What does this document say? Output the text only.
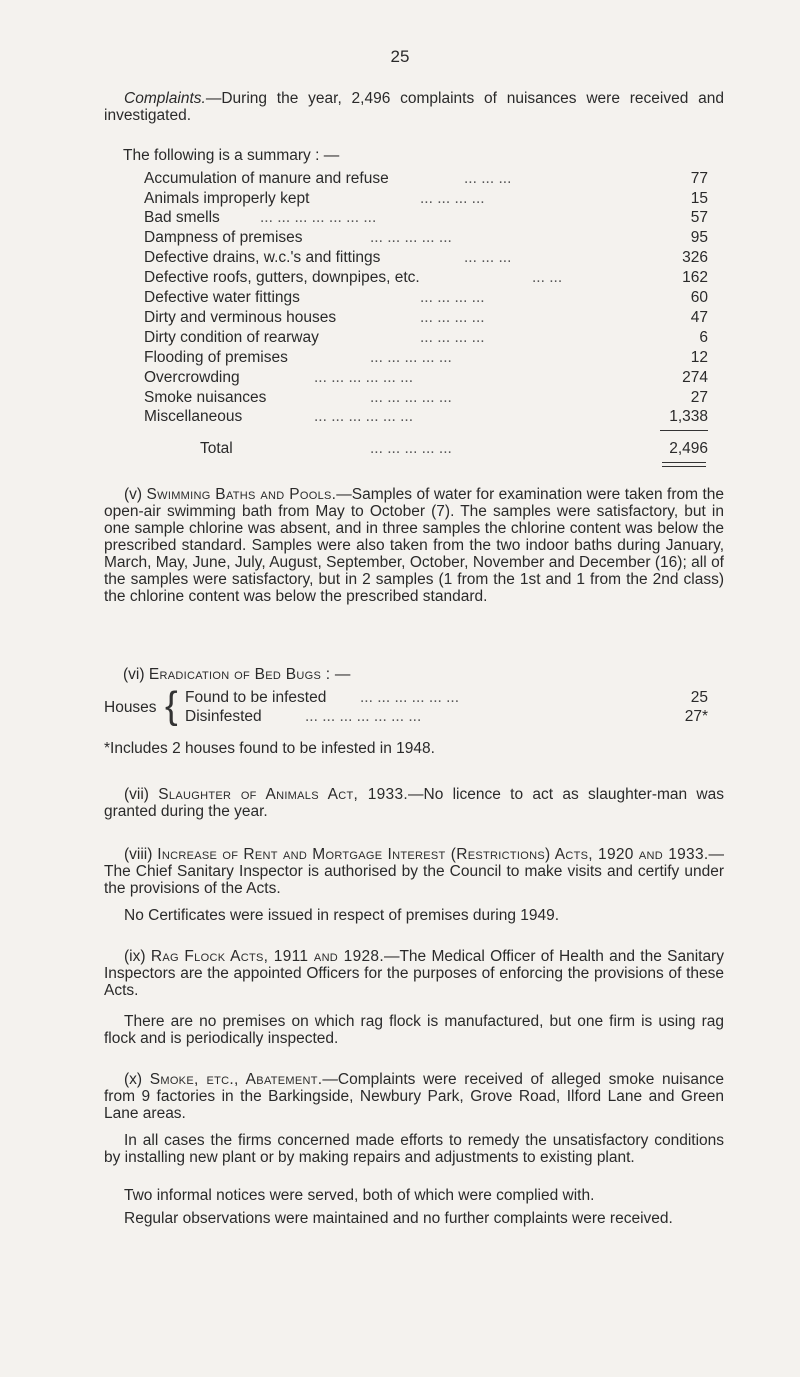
25
Complaints.—During the year, 2,496 complaints of nuisances were received and investigated.
The following is a summary : —
Accumulation of manure and refuse	... ... ...	77
Animals improperly kept	... ... ... ...	15
Bad smells	... ... ... ... ... ... ...	57
Dampness of premises	... ... ... ... ...	95
Defective drains, w.c.'s and fittings	... ... ...	326
Defective roofs, gutters, downpipes, etc.	... ...	162
Defective water fittings	... ... ... ...	60
Dirty and verminous houses	... ... ... ...	47
Dirty condition of rearway	... ... ... ...	6
Flooding of premises	... ... ... ... ...	12
Overcrowding	... ... ... ... ... ...	274
Smoke nuisances	... ... ... ... ...	27
Miscellaneous	... ... ... ... ... ...	1,338
Total	... ... ... ... ...	2,496
(v) Swimming Baths and Pools.—Samples of water for examination were taken from the open-air swimming bath from May to October (7). The samples were satisfactory, but in one sample chlorine was absent, and in three samples the chlorine content was below the prescribed standard. Samples were also taken from the two indoor baths during January, March, May, June, July, August, September, October, November and December (16); all of the samples were satisfactory, but in 2 samples (1 from the 1st and 1 from the 2nd class) the chlorine content was below the prescribed standard.
(vi) Eradication of Bed Bugs : —
Houses { Found to be infested ... ... ... ... ... ...	25
Disinfested	... ... ... ... ... ... ...	27*
*Includes 2 houses found to be infested in 1948.
(vii) Slaughter of Animals Act, 1933.—No licence to act as slaughter-man was granted during the year.
(viii) Increase of Rent and Mortgage Interest (Restrictions) Acts, 1920 and 1933.—The Chief Sanitary Inspector is authorised by the Council to make visits and certify under the provisions of the Acts.
No Certificates were issued in respect of premises during 1949.
(ix) Rag Flock Acts, 1911 and 1928.—The Medical Officer of Health and the Sanitary Inspectors are the appointed Officers for the purposes of enforcing the provisions of these Acts.
There are no premises on which rag flock is manufactured, but one firm is using rag flock and is periodically inspected.
(x) Smoke, etc., Abatement.—Complaints were received of alleged smoke nuisance from 9 factories in the Barkingside, Newbury Park, Grove Road, Ilford Lane and Green Lane areas.
In all cases the firms concerned made efforts to remedy the unsatisfactory conditions by installing new plant or by making repairs and adjustments to existing plant.
Two informal notices were served, both of which were complied with.
Regular observations were maintained and no further complaints were received.
